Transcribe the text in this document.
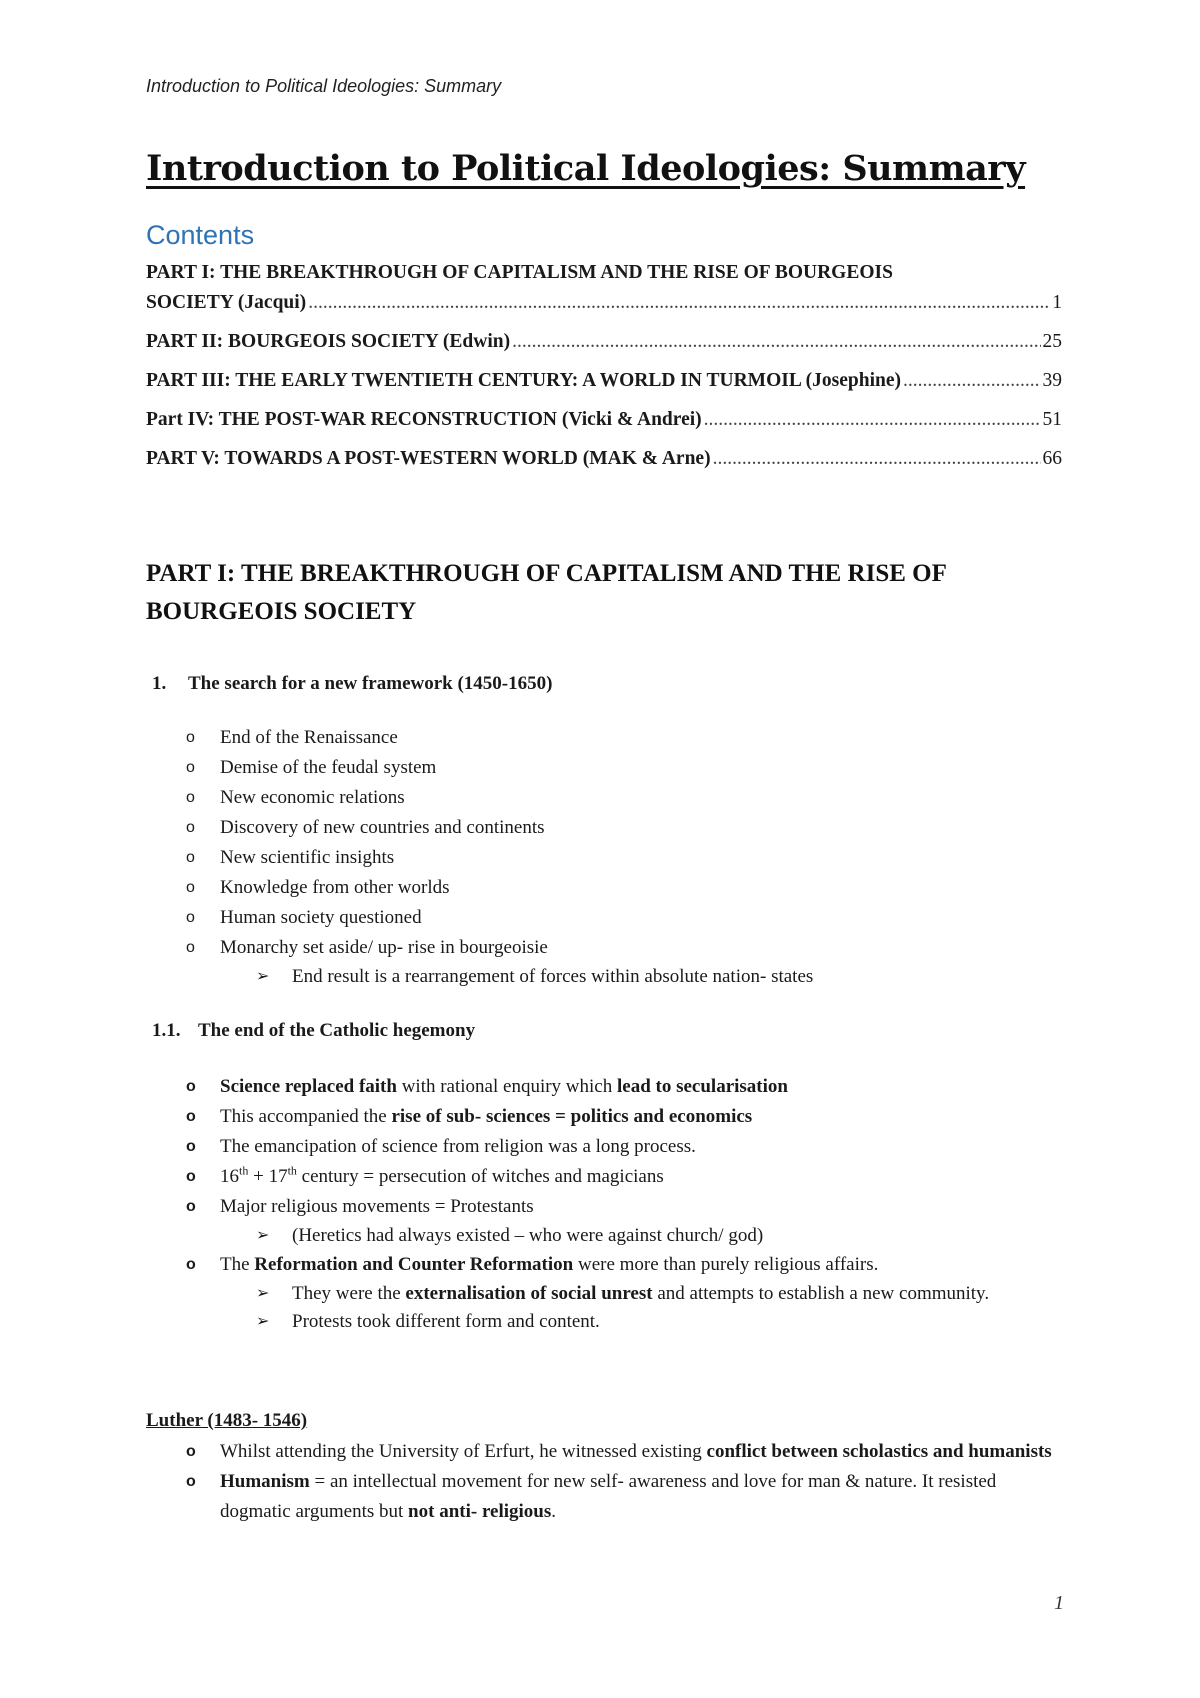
Introduction to Political Ideologies: Summary
Introduction to Political Ideologies: Summary
Contents
PART I: THE BREAKTHROUGH OF CAPITALISM AND THE RISE OF BOURGEOIS
SOCIETY (Jacqui) .....	1
PART II: BOURGEOIS SOCIETY (Edwin) .....	25
PART III: THE EARLY TWENTIETH CENTURY: A WORLD IN TURMOIL (Josephine) .....	39
Part IV: THE POST-WAR RECONSTRUCTION (Vicki & Andrei) .....	51
PART V: TOWARDS A POST-WESTERN WORLD (MAK & Arne) .....	66
PART I: THE BREAKTHROUGH OF CAPITALISM AND THE RISE OF BOURGEOIS SOCIETY
1. The search for a new framework (1450-1650)
o	End of the Renaissance
o	Demise of the feudal system
o	New economic relations
o	Discovery of new countries and continents
o	New scientific insights
o	Knowledge from other worlds
o	Human society questioned
o	Monarchy set aside/ up- rise in bourgeoisie
➢	End result is a rearrangement of forces within absolute nation- states
1.1. The end of the Catholic hegemony
o	Science replaced faith with rational enquiry which lead to secularisation
o	This accompanied the rise of sub- sciences = politics and economics
o	The emancipation of science from religion was a long process.
o	16th + 17th century = persecution of witches and magicians
o	Major religious movements = Protestants
➢	(Heretics had always existed – who were against church/ god)
o	The Reformation and Counter Reformation were more than purely religious affairs.
➢	They were the externalisation of social unrest and attempts to establish a new community.
➢	Protests took different form and content.
Luther (1483- 1546)
o	Whilst attending the University of Erfurt, he witnessed existing conflict between scholastics and humanists
o	Humanism = an intellectual movement for new self- awareness and love for man & nature. It resisted dogmatic arguments but not anti- religious.
1
